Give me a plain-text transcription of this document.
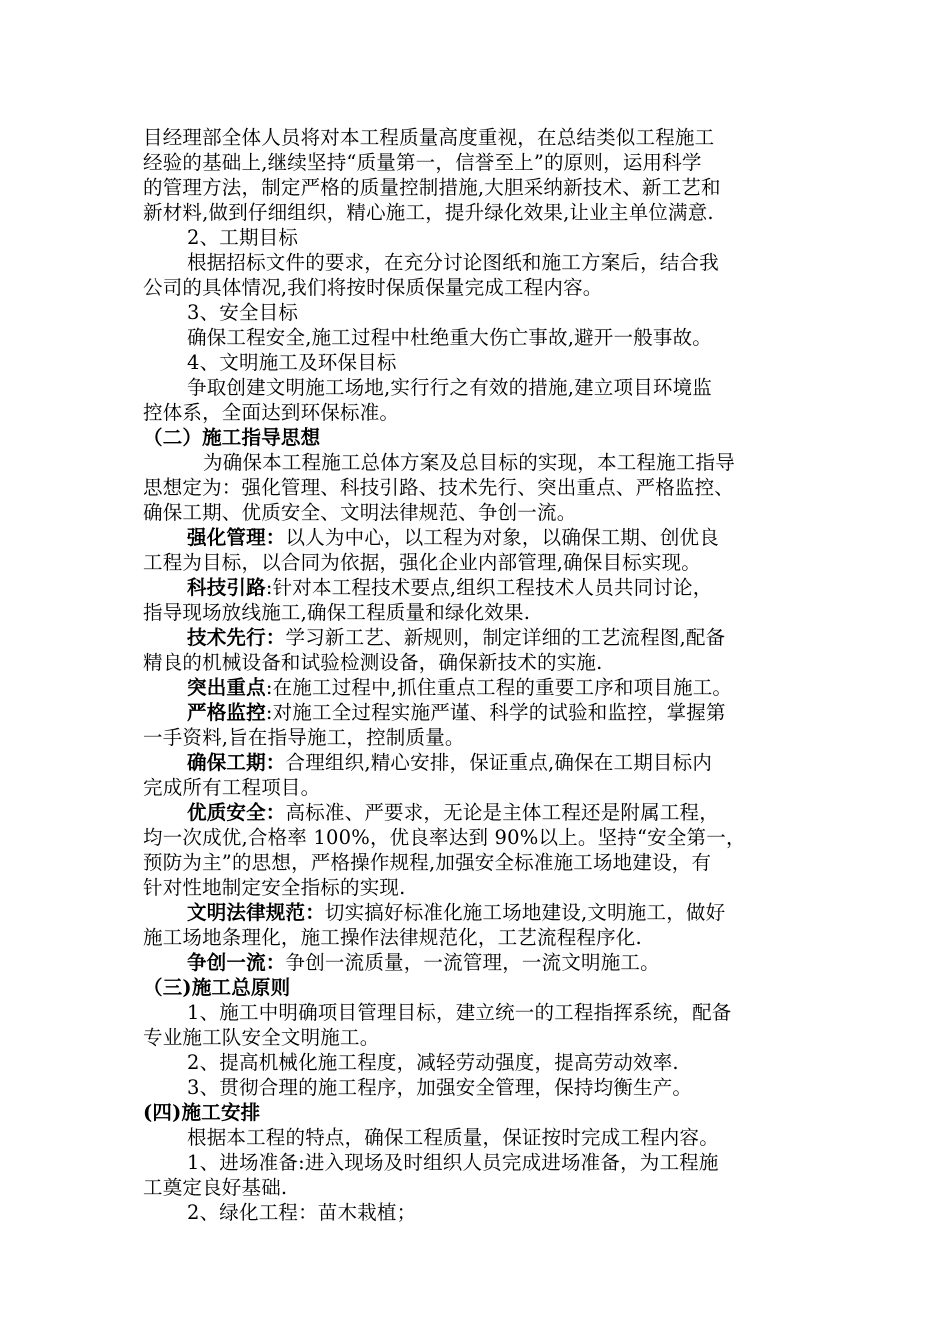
目经理部全体人员将对本工程质量高度重视，在总结类似工程施工
经验的基础上,继续坚持“质量第一，信誉至上”的原则，运用科学
的管理方法，制定严格的质量控制措施,大胆采纳新技术、新工艺和
新材料,做到仔细组织，精心施工，提升绿化效果,让业主单位满意.
2、工期目标
根据招标文件的要求，在充分讨论图纸和施工方案后，结合我
公司的具体情况,我们将按时保质保量完成工程内容。
3、安全目标
确保工程安全,施工过程中杜绝重大伤亡事故,避开一般事故。
4、文明施工及环保目标
争取创建文明施工场地,实行行之有效的措施,建立项目环境监
控体系，全面达到环保标准。
（二）施工指导思想
为确保本工程施工总体方案及总目标的实现，本工程施工指导
思想定为：强化管理、科技引路、技术先行、突出重点、严格监控、
确保工期、优质安全、文明法律规范、争创一流。
强化管理：以人为中心，以工程为对象，以确保工期、创优良
工程为目标，以合同为依据，强化企业内部管理,确保目标实现。
科技引路:针对本工程技术要点,组织工程技术人员共同讨论，
指导现场放线施工,确保工程质量和绿化效果.
技术先行：学习新工艺、新规则，制定详细的工艺流程图,配备
精良的机械设备和试验检测设备，确保新技术的实施.
突出重点:在施工过程中,抓住重点工程的重要工序和项目施工。
严格监控:对施工全过程实施严谨、科学的试验和监控，掌握第
一手资料,旨在指导施工，控制质量。
确保工期：合理组织,精心安排，保证重点,确保在工期目标内
完成所有工程项目。
优质安全：高标准、严要求，无论是主体工程还是附属工程，
均一次成优,合格率 100%，优良率达到 90%以上。坚持“安全第一，
预防为主”的思想，严格操作规程,加强安全标准施工场地建设，有
针对性地制定安全指标的实现.
文明法律规范：切实搞好标准化施工场地建设,文明施工，做好
施工场地条理化，施工操作法律规范化，工艺流程程序化.
争创一流：争创一流质量，一流管理，一流文明施工。
（三)施工总原则
1、施工中明确项目管理目标，建立统一的工程指挥系统，配备
专业施工队安全文明施工。
2、提高机械化施工程度，减轻劳动强度，提高劳动效率.
3、贯彻合理的施工程序，加强安全管理，保持均衡生产。
(四)施工安排
根据本工程的特点，确保工程质量，保证按时完成工程内容。
1、进场准备:进入现场及时组织人员完成进场准备，为工程施
工奠定良好基础.
2、绿化工程：苗木栽植；
